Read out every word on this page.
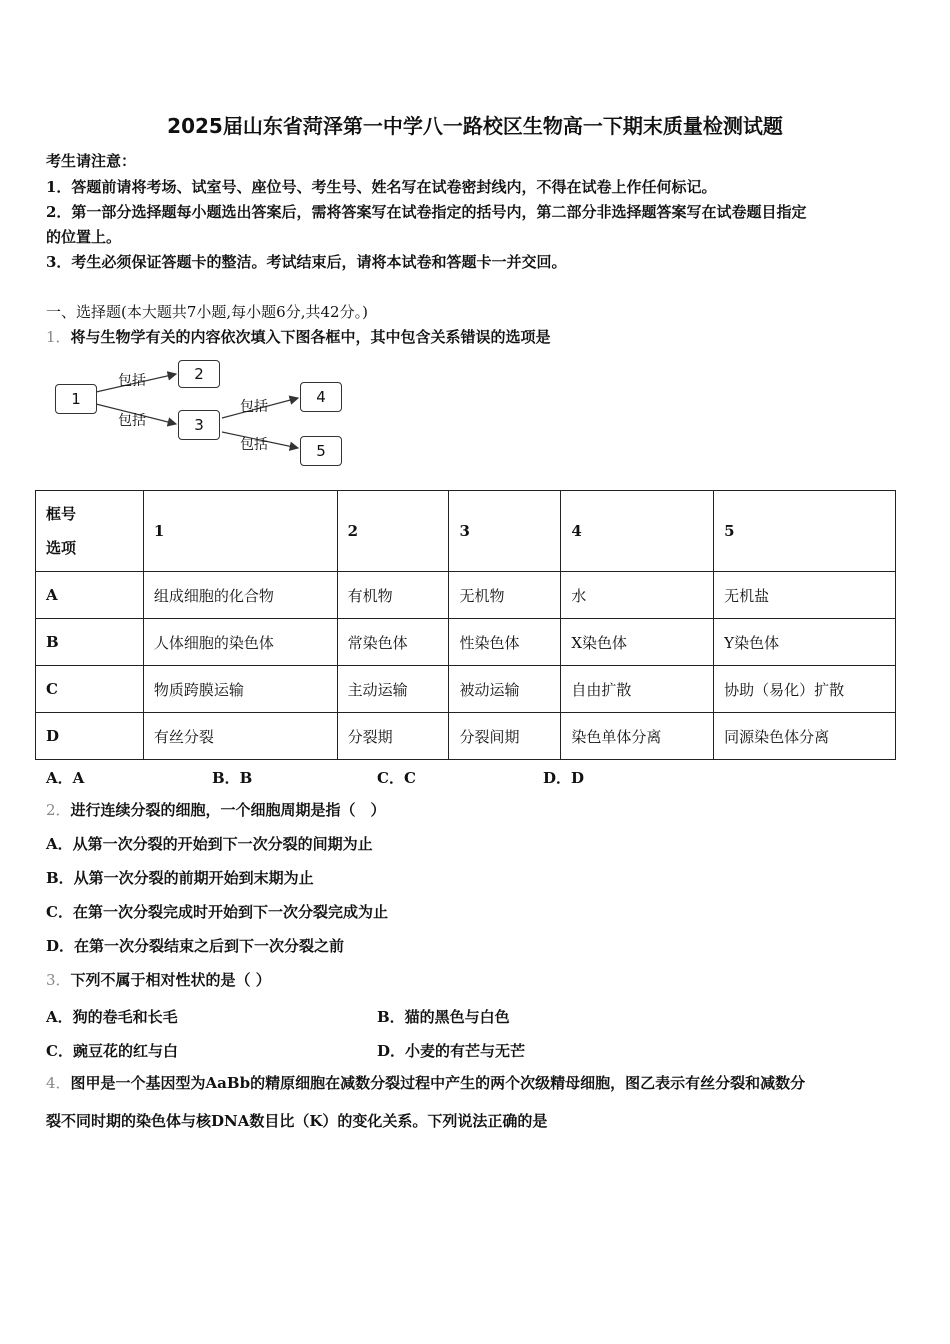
2025届山东省菏泽第一中学八一路校区生物高一下期末质量检测试题
考生请注意：
1．答题前请将考场、试室号、座位号、考生号、姓名写在试卷密封线内，不得在试卷上作任何标记。
2．第一部分选择题每小题选出答案后，需将答案写在试卷指定的括号内，第二部分非选择题答案写在试卷题目指定
的位置上。
3．考生必须保证答题卡的整洁。考试结束后，请将本试卷和答题卡一并交回。
一、选择题(本大题共7小题,每小题6分,共42分。)
1．将与生物学有关的内容依次填入下图各框中，其中包含关系错误的选项是
1
2
3
4
5
包括
包括
包括
包括
框号
选项	1	2	3	4	5
A	组成细胞的化合物	有机物	无机物	水	无机盐
B	人体细胞的染色体	常染色体	性染色体	X染色体	Y染色体
C	物质跨膜运输	主动运输	被动运输	自由扩散	协助（易化）扩散
D	有丝分裂	分裂期	分裂间期	染色单体分离	同源染色体分离
A．A	B．B	C．C	D．D
2．进行连续分裂的细胞，一个细胞周期是指（　）
A．从第一次分裂的开始到下一次分裂的间期为止
B．从第一次分裂的前期开始到末期为止
C．在第一次分裂完成时开始到下一次分裂完成为止
D．在第一次分裂结束之后到下一次分裂之前
3．下列不属于相对性状的是（ ）
A．狗的卷毛和长毛	B．猫的黑色与白色
C．豌豆花的红与白	D．小麦的有芒与无芒
4．图甲是一个基因型为AaBb的精原细胞在减数分裂过程中产生的两个次级精母细胞，图乙表示有丝分裂和减数分
裂不同时期的染色体与核DNA数目比（K）的变化关系。下列说法正确的是
